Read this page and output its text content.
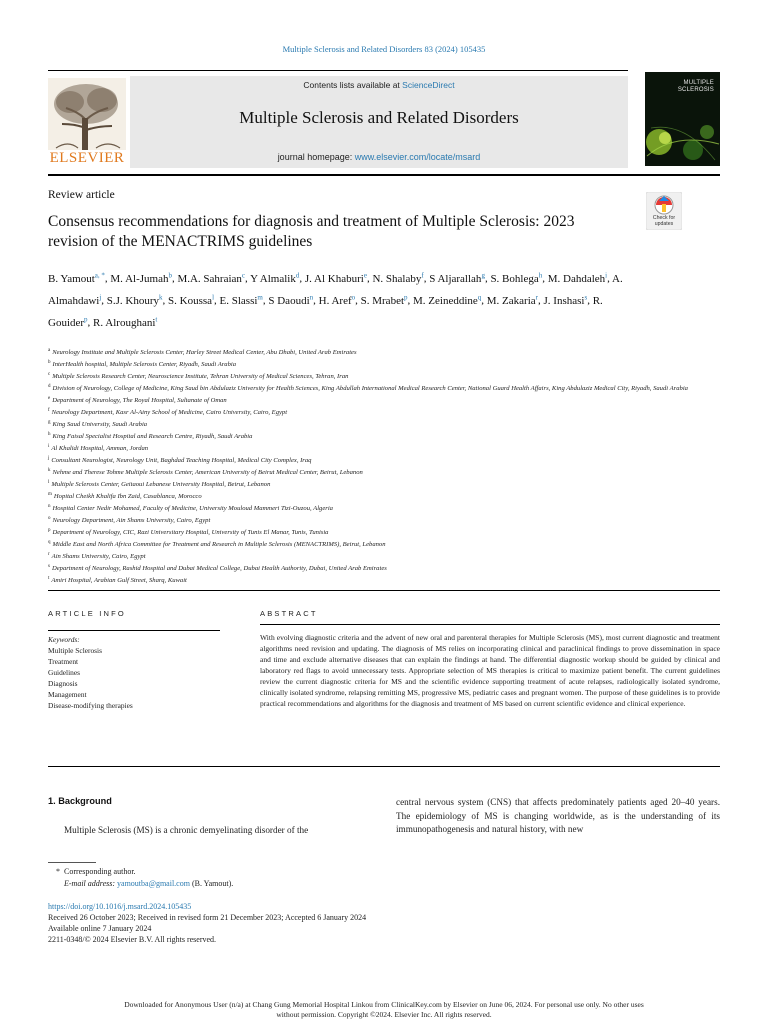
Multiple Sclerosis and Related Disorders 83 (2024) 105435
ELSEVIER
Contents lists available at ScienceDirect
Multiple Sclerosis and Related Disorders
journal homepage: www.elsevier.com/locate/msard
MULTIPLE
SCLEROSIS
Review article
Consensus recommendations for diagnosis and treatment of Multiple Sclerosis: 2023 revision of the MENACTRIMS guidelines
Check for updates
B. Yamout$^{a, *}$, M. Al-Jumah$^b$, M.A. Sahraian$^c$, Y Almalik$^d$, J. Al Khaburi$^e$, N. Shalaby$^f$, S Aljarallah$^g$, S. Bohlega$^h$, M. Dahdaleh$^i$, A. Almahdawi$^j$, S.J. Khoury$^k$, S. Koussa$^l$, E. Slassi$^m$, S Daoudi$^n$, H. Aref$^o$, S. Mrabet$^p$, M. Zeineddine$^q$, M. Zakaria$^r$, J. Inshasi$^s$, R. Gouider$^p$, R. Alroughani$^t$
$^a$ Neurology Institute and Multiple Sclerosis Center, Harley Street Medical Center, Abu Dhabi, United Arab Emirates
$^b$ InterHealth hospital, Multiple Sclerosis Center, Riyadh, Saudi Arabia
$^c$ Multiple Sclerosis Research Center, Neuroscience Institute, Tehran University of Medical Sciences, Tehran, Iran
$^d$ Division of Neurology, College of Medicine, King Saud bin Abdulaziz University for Health Sciences, King Abdullah International Medical Research Center, National Guard Health Affairs, King Abdulaziz Medical City, Riyadh, Saudi Arabia
$^e$ Department of Neurology, The Royal Hospital, Sultanate of Oman
$^f$ Neurology Department, Kasr Al-Ainy School of Medicine, Cairo University, Cairo, Egypt
$^g$ King Saud University, Saudi Arabia
$^h$ King Faisal Specialist Hospital and Research Centre, Riyadh, Saudi Arabia
$^i$ Al Khalidi Hospital, Amman, Jordan
$^j$ Consultant Neurologist, Neurology Unit, Baghdad Teaching Hospital, Medical City Complex, Iraq
$^k$ Nehme and Therese Tohme Multiple Sclerosis Center, American University of Beirut Medical Center, Beirut, Lebanon
$^l$ Multiple Sclerosis Center, Geitaoui Lebanese University Hospital, Beirut, Lebanon
$^m$ Hopital Cheikh Khalifa Ibn Zaid, Casablanca, Morocco
$^n$ Hospital Center Nedir Mohamed, Faculty of Medicine, University Mouloud Mammeri Tizi-Ouzou, Algeria
$^o$ Neurology Department, Ain Shams University, Cairo, Egypt
$^p$ Department of Neurology, CIC, Razi Universitary Hospital, University of Tunis El Manar, Tunis, Tunisia
$^q$ Middle East and North Africa Committee for Treatment and Research in Multiple Sclerosis (MENACTRIMS), Beirut, Lebanon
$^r$ Ain Shams University, Cairo, Egypt
$^s$ Department of Neurology, Rashid Hospital and Dubai Medical College, Dubai Health Authority, Dubai, United Arab Emirates
$^t$ Amiri Hospital, Arabian Gulf Street, Sharq, Kuwait
ARTICLE INFO	ABSTRACT
Keywords:
Multiple Sclerosis
Treatment
Guidelines
Diagnosis
Management
Disease-modifying therapies
With evolving diagnostic criteria and the advent of new oral and parenteral therapies for Multiple Sclerosis (MS), most current diagnostic and treatment algorithms need revision and updating. The diagnosis of MS relies on incorporating clinical and paraclinical findings to prove dissemination in space and time and exclude alternative diseases that can explain the findings at hand. The differential diagnostic workup should be guided by clinical and laboratory red flags to avoid unnecessary tests. Appropriate selection of MS therapies is critical to maximize patient benefit. The current guidelines review the current diagnostic criteria for MS and the scientific evidence supporting treatment of acute relapses, radiologically isolated syndrome, clinically isolated syndrome, relapsing remitting MS, progressive MS, pediatric cases and pregnant women. The purpose of these guidelines is to provide practical recommendations and algorithms for the diagnosis and treatment of MS based on current scientific evidence and clinical experience.
1. Background
Multiple Sclerosis (MS) is a chronic demyelinating disorder of the
central nervous system (CNS) that affects predominately patients aged 20–40 years. The epidemiology of MS is changing worldwide, as is the understanding of its immunopathogenesis and natural history, with new
* Corresponding author.
E-mail address: yamoutba@gmail.com (B. Yamout).
https://doi.org/10.1016/j.msard.2024.105435
Received 26 October 2023; Received in revised form 21 December 2023; Accepted 6 January 2024
Available online 7 January 2024
2211-0348/© 2024 Elsevier B.V. All rights reserved.
Downloaded for Anonymous User (n/a) at Chang Gung Memorial Hospital Linkou from ClinicalKey.com by Elsevier on June 06, 2024. For personal use only. No other uses without permission. Copyright ©2024. Elsevier Inc. All rights reserved.
